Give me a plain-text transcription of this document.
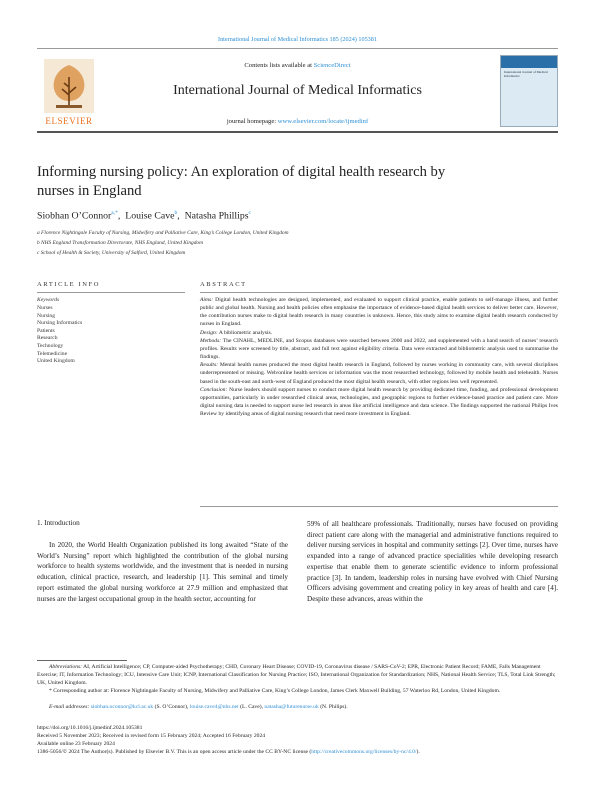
International Journal of Medical Informatics 185 (2024) 105381
ELSEVIER
Contents lists available at ScienceDirect
International Journal of Medical Informatics
journal homepage: www.elsevier.com/locate/ijmedinf
International Journal of Medical Informatics
Informing nursing policy: An exploration of digital health research by nurses in England
Siobhan O’Connor$^{a,*}$,  Louise Cave$^b$,  Natasha Phillips$^c$
a Florence Nightingale Faculty of Nursing, Midwifery and Palliative Care, King’s College London, United Kingdom
b NHS England Transformation Directorate, NHS England, United Kingdom
c School of Health & Society, University of Salford, United Kingdom
ARTICLE INFO	ABSTRACT
Keywords
Nurses
Nursing
Nursing Informatics
Patients
Research
Technology
Telemedicine
United Kingdom
Aims: Digital health technologies are designed, implemented, and evaluated to support clinical practice, enable patients to self-manage illness, and further public and global health. Nursing and health policies often emphasise the importance of evidence-based digital health services to deliver better care. However, the contribution nurses make to digital health research in many countries is unknown. Hence, this study aims to examine digital health research conducted by nurses in England.
Design: A bibliometric analysis.
Methods: The CINAHL, MEDLINE, and Scopus databases were searched between 2000 and 2022, and supplemented with a hand search of nurses’ research profiles. Results were screened by title, abstract, and full text against eligibility criteria. Data were extracted and bibliometric analysis used to summarise the findings.
Results: Mental health nurses produced the most digital health research in England, followed by nurses working in community care, with several disciplines underrepresented or missing. Web/online health services or information was the most researched technology, followed by mobile health and telehealth. Nurses based in the south-east and north-west of England produced the most digital health research, with other regions less well represented.
Conclusion: Nurse leaders should support nurses to conduct more digital health research by providing dedicated time, funding, and professional development opportunities, particularly in under researched clinical areas, technologies, and geographic regions to further evidence-based practice and patient care. More digital nursing data is needed to support nurse led research in areas like artificial intelligence and data science. The findings supported the national Philips Ives Review by identifying areas of digital nursing research that need more investment in England.
1. Introduction
In 2020, the World Health Organization published its long awaited “State of the World’s Nursing” report which highlighted the contribution of the global nursing workforce to health systems worldwide, and the investment that is needed in nursing education, clinical practice, research, and leadership [1]. This seminal and timely report estimated the global nursing workforce at 27.9 million and emphasized that nurses are the largest occupational group in the health sector, accounting for
59% of all healthcare professionals. Traditionally, nurses have focused on providing direct patient care along with the managerial and administrative functions required to deliver nursing services in hospital and community settings [2]. Over time, nurses have expanded into a range of advanced practice specialities while developing research expertise that enable them to generate scientific evidence to inform professional practice [3]. In tandem, leadership roles in nursing have evolved with Chief Nursing Officers advising government and creating policy in key areas of health and care [4]. Despite these advances, areas within the
Abbreviations: AI, Artificial Intelligence; CP, Computer-aided Psychotherapy; CHD, Coronary Heart Disease; COVID-19, Coronavirus disease / SARS-CoV-2; EPR, Electronic Patient Record; FAME, Falls Management Exercise; IT, Information Technology; ICU, Intensive Care Unit; ICNP, International Classification for Nursing Practice; ISO, International Organization for Standardization; NHS, National Health Service; TLS, Total Link Strength; UK, United Kingdom.
* Corresponding author at: Florence Nightingale Faculty of Nursing, Midwifery and Palliative Care, King’s College London, James Clerk Maxwell Building, 57 Waterloo Rd, London, United Kingdom.
E-mail addresses: siobhan.oconnor@kcl.ac.uk (S. O’Connor), louise.cave4@nhs.net (L. Cave), natasha@futurenurse.uk (N. Philips).
https://doi.org/10.1016/j.ijmedinf.2024.105381
Received 5 November 2023; Received in revised form 15 February 2024; Accepted 16 February 2024
Available online 23 February 2024
1386-5056/© 2024 The Author(s). Published by Elsevier B.V. This is an open access article under the CC BY-NC license (http://creativecommons.org/licenses/by-nc/4.0/).
